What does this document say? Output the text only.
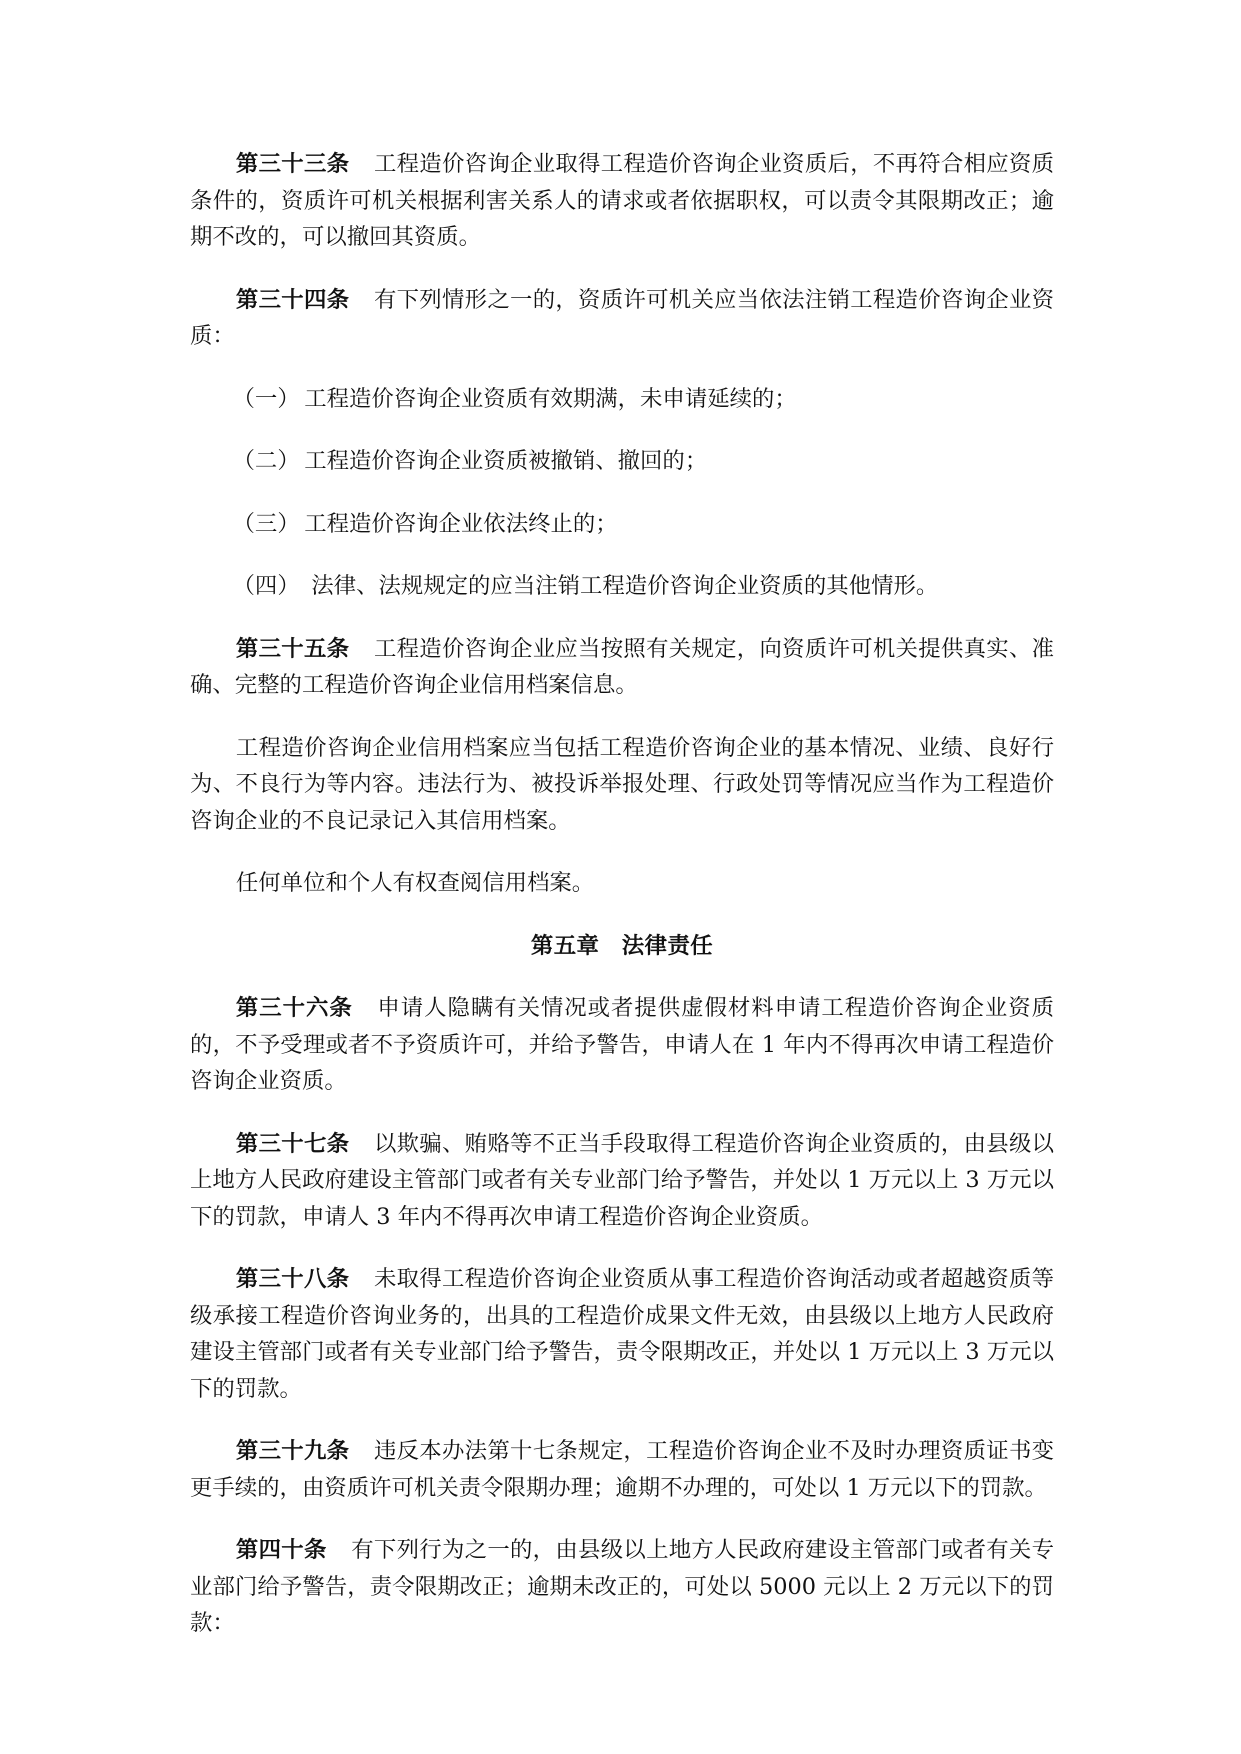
第三十三条 工程造价咨询企业取得工程造价咨询企业资质后，不再符合相应资质条件的，资质许可机关根据利害关系人的请求或者依据职权，可以责令其限期改正；逾期不改的，可以撤回其资质。

第三十四条 有下列情形之一的，资质许可机关应当依法注销工程造价咨询企业资质：

（一） 工程造价咨询企业资质有效期满，未申请延续的；

（二） 工程造价咨询企业资质被撤销、撤回的；

（三） 工程造价咨询企业依法终止的；

（四） 法律、法规规定的应当注销工程造价咨询企业资质的其他情形。

第三十五条 工程造价咨询企业应当按照有关规定，向资质许可机关提供真实、准确、完整的工程造价咨询企业信用档案信息。

工程造价咨询企业信用档案应当包括工程造价咨询企业的基本情况、业绩、良好行为、不良行为等内容。违法行为、被投诉举报处理、行政处罚等情况应当作为工程造价咨询企业的不良记录记入其信用档案。

任何单位和个人有权查阅信用档案。

第五章 法律责任

第三十六条 申请人隐瞒有关情况或者提供虚假材料申请工程造价咨询企业资质的，不予受理或者不予资质许可，并给予警告，申请人在 1 年内不得再次申请工程造价咨询企业资质。

第三十七条 以欺骗、贿赂等不正当手段取得工程造价咨询企业资质的，由县级以上地方人民政府建设主管部门或者有关专业部门给予警告，并处以 1 万元以上 3 万元以下的罚款，申请人 3 年内不得再次申请工程造价咨询企业资质。

第三十八条 未取得工程造价咨询企业资质从事工程造价咨询活动或者超越资质等级承接工程造价咨询业务的，出具的工程造价成果文件无效，由县级以上地方人民政府建设主管部门或者有关专业部门给予警告，责令限期改正，并处以 1 万元以上 3 万元以下的罚款。

第三十九条 违反本办法第十七条规定，工程造价咨询企业不及时办理资质证书变更手续的，由资质许可机关责令限期办理；逾期不办理的，可处以 1 万元以下的罚款。

第四十条 有下列行为之一的，由县级以上地方人民政府建设主管部门或者有关专业部门给予警告，责令限期改正；逾期未改正的，可处以 5000 元以上 2 万元以下的罚款：
